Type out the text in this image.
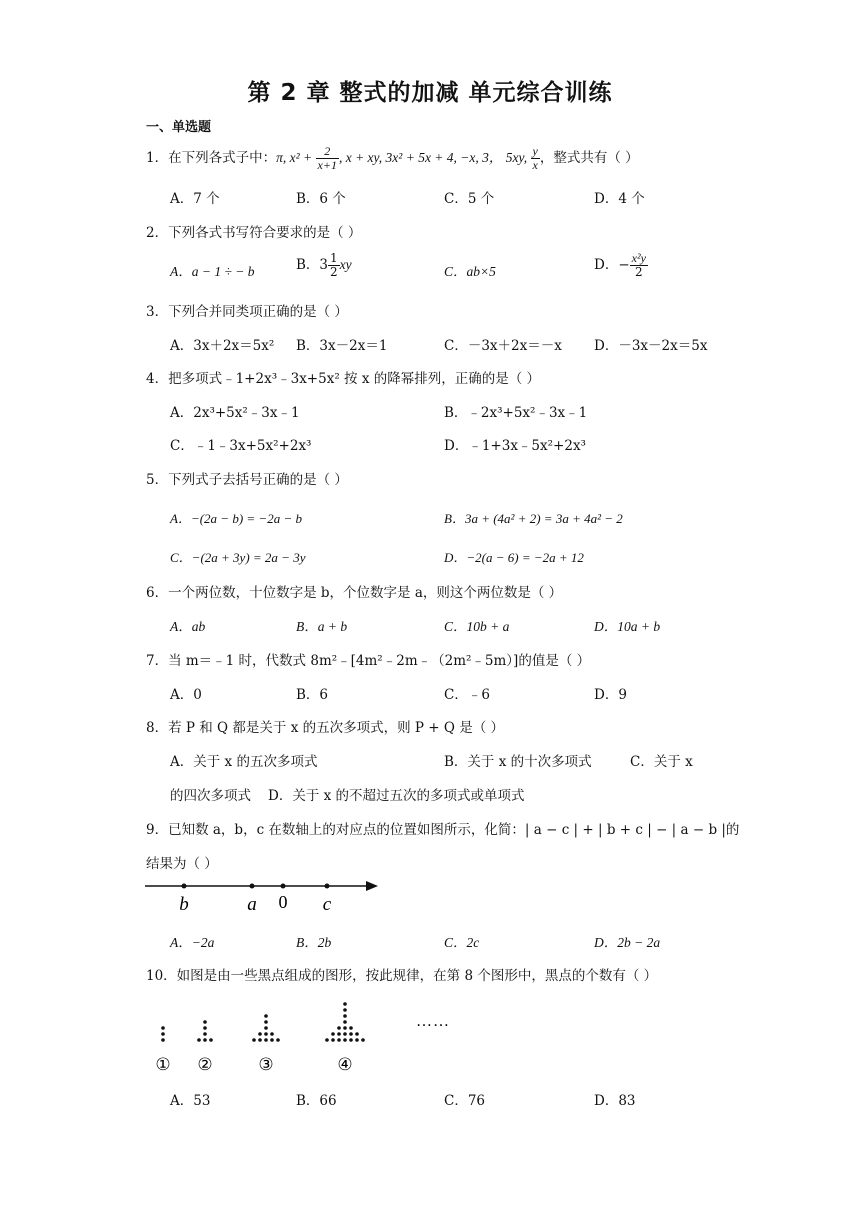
第 2 章 整式的加减 单元综合训练
一、单选题
1．在下列各式子中：π, $x^2 + \frac{2}{x+1}$ , x + xy, 3x² + 5x + 4, −x, 3， 5xy, $\frac{y}{x}$ ，整式共有（ ）
A．7 个	B．6 个	C．5 个	D．4 个
2．下列各式书写符合要求的是（ ）
A．a − 1 ÷ − b	B．$3 \frac{1}{2}$ xy	C．ab×5	D．− $\frac{\text{x²y}}{2}$
3．下列合并同类项正确的是（ ）
A．3x＋2x＝5x² B．3x－2x＝1	C．－3x＋2x＝－x D．－3x－2x＝5x
4．把多项式﹣1+2x³﹣3x+5x² 按 x 的降幂排列，正确的是（ ）
A．2x³+5x²﹣3x﹣1	B．﹣2x³+5x²﹣3x﹣1
C．﹣1﹣3x+5x²+2x³	D．﹣1+3x﹣5x²+2x³
5．下列式子去括号正确的是（ ）
A．−(2a − b) = −2a − b	B．3a + (4a² + 2) = 3a + 4a² − 2
C．−(2a + 3y) = 2a − 3y	D．−2(a − 6) = −2a + 12
6．一个两位数，十位数字是 b，个位数字是 a，则这个两位数是（ ）
A．ab	B．a + b	C．10b + a	D．10a + b
7．当 m＝﹣1 时，代数式 8m²﹣[4m²﹣2m﹣（2m²﹣5m）]的值是（ ）
A．0	B．6	C．﹣6	D．9
8．若 P 和 Q 都是关于 x 的五次多项式，则 P + Q 是（ ）
A．关于 x 的五次多项式	B．关于 x 的十次多项式	C．关于 x
的四次多项式 D．关于 x 的不超过五次的多项式或单项式
9．已知数 a，b，c 在数轴上的对应点的位置如图所示，化简：| a − c | + | b + c | − | a − b |的
结果为（ ）
b	a 0 c
A．−2a	B．2b	C．2c	D．2b − 2a
10．如图是由一些黑点组成的图形，按此规律，在第 8 个图形中，黑点的个数有（ ）
① ②	③	④
……
A．53	B．66	C．76	D．83
